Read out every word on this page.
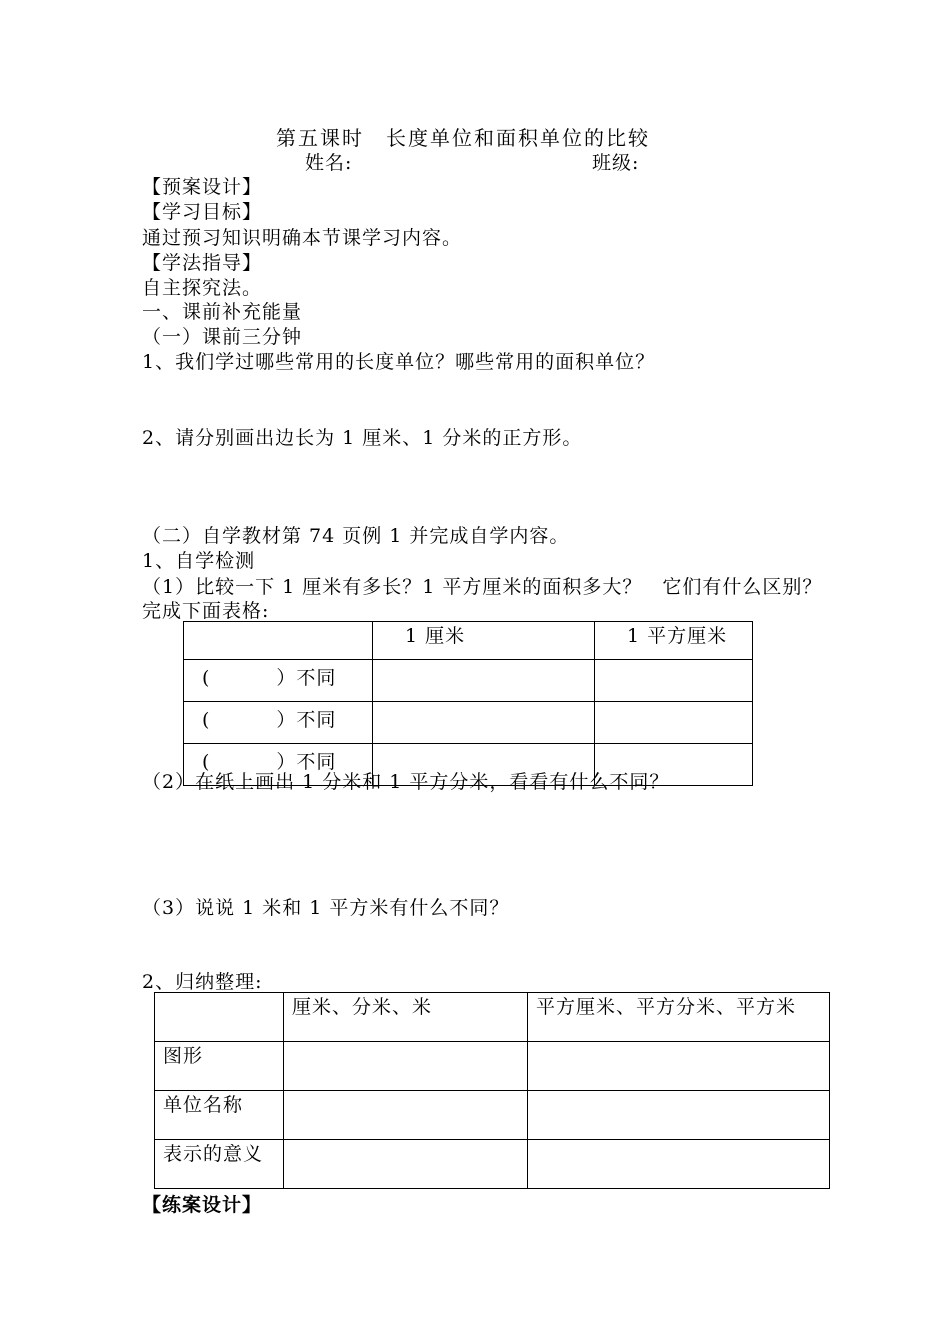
第五课时　长度单位和面积单位的比较
姓名:	班级:
【预案设计】
【学习目标】
通过预习知识明确本节课学习内容。
【学法指导】
自主探究法。
一、课前补充能量
（一）课前三分钟
1、我们学过哪些常用的长度单位？哪些常用的面积单位？
2、请分别画出边长为 1 厘米、1 分米的正方形。
（二）自学教材第 74 页例 1 并完成自学内容。
1、自学检测
（1）比较一下 1 厘米有多长？1 平方厘米的面积多大？　它们有什么区别？
完成下面表格:
	1 厘米	1 平方厘米
( ）不同		
( ）不同		
( ）不同		
（2）在纸上画出 1 分米和 1 平方分米，看看有什么不同？
（3）说说 1 米和 1 平方米有什么不同？
2、归纳整理:

	厘米、分米、米	平方厘米、平方分米、平方米

图形		

单位名称		

表示的意义		

【练案设计】
